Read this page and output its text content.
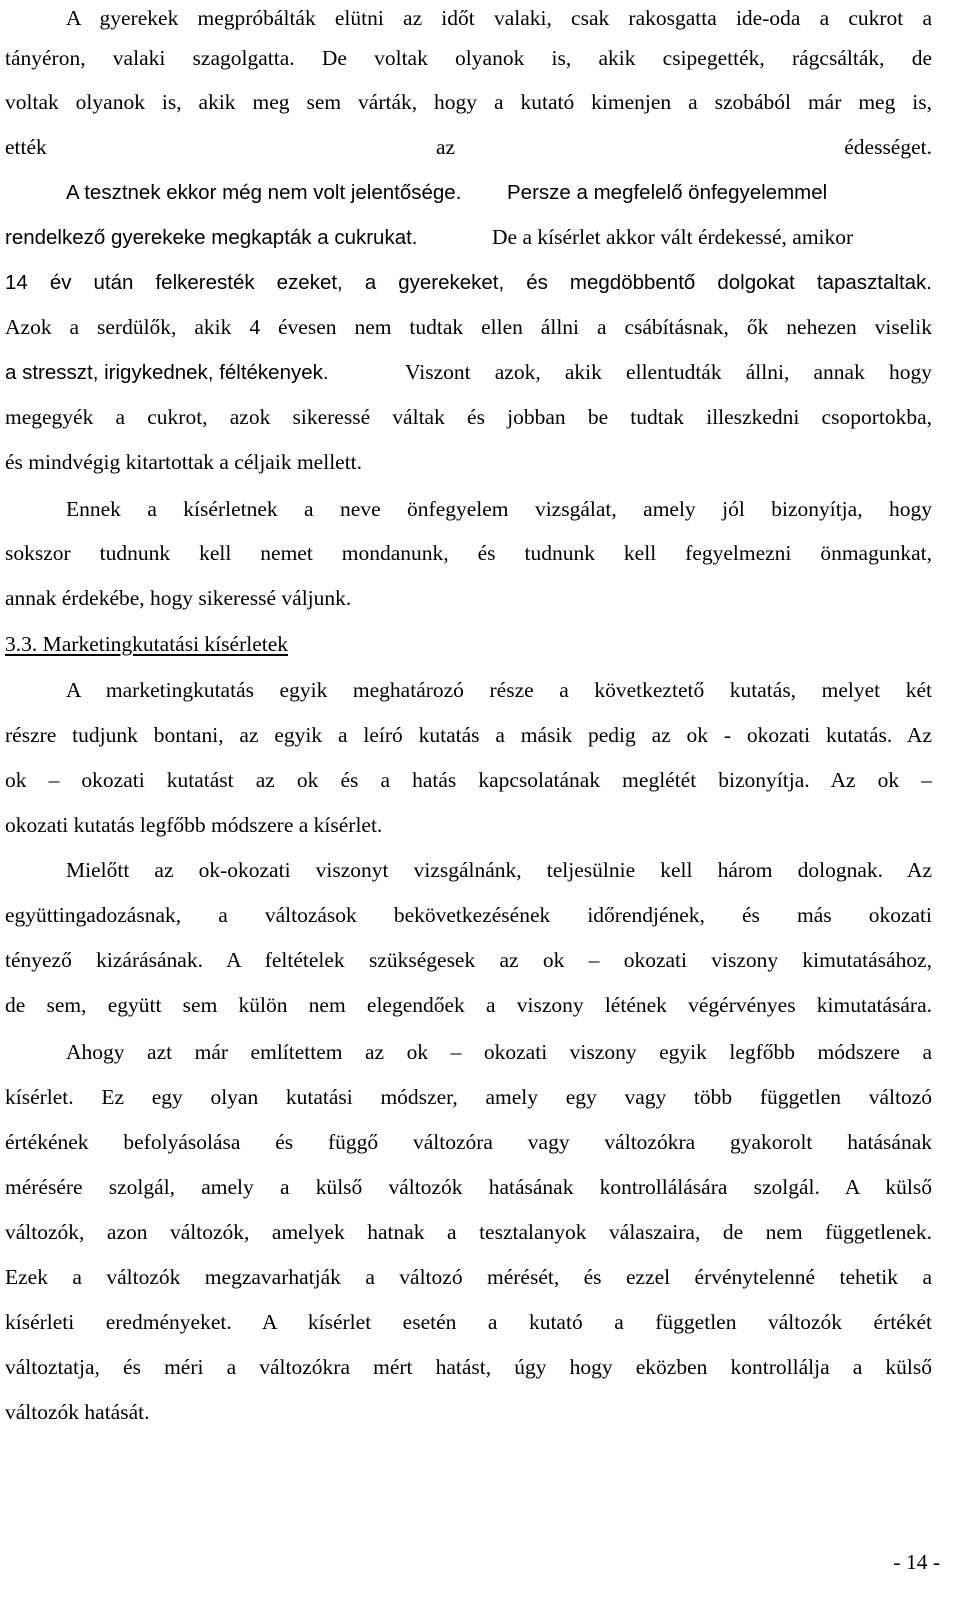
A gyerekek megpróbálták elütni az időt valaki, csak rakosgatta ide-oda a cukrot a
tányéron, valaki szagolgatta. De voltak olyanok is, akik csipegették, rágcsálták, de
voltak olyanok is, akik meg sem várták, hogy a kutató kimenjen a szobából már meg is,
ették az édességet.
A tesztnek ekkor még nem volt jelentősége. Persze a megfelelő önfegyelemmel
rendelkező gyerekeke megkapták a cukrukat.	De a kísérlet akkor vált érdekessé, amikor
14 év után felkeresték ezeket, a gyerekeket, és megdöbbentő dolgokat tapasztaltak.
Azok a serdülők, akik 4 évesen nem tudtak ellen állni a csábításnak, ők nehezen viselik
a stresszt, irigykednek, féltékenyek.	Viszont azok, akik ellentudták állni, annak hogy
megegyék a cukrot, azok sikeressé váltak és jobban be tudtak illeszkedni csoportokba,
és mindvégig kitartottak a céljaik mellett.
Ennek a kísérletnek a neve önfegyelem vizsgálat, amely jól bizonyítja, hogy
sokszor tudnunk kell nemet mondanunk, és tudnunk kell fegyelmezni önmagunkat,
annak érdekébe, hogy sikeressé váljunk.
3.3. Marketingkutatási kísérletek
A marketingkutatás egyik meghatározó része a következtető kutatás, melyet két
részre tudjunk bontani, az egyik a leíró kutatás a másik pedig az ok - okozati kutatás. Az
ok – okozati kutatást az ok és a hatás kapcsolatának meglétét bizonyítja. Az ok –
okozati kutatás legfőbb módszere a kísérlet.
Mielőtt az ok-okozati viszonyt vizsgálnánk, teljesülnie kell három dolognak. Az
együttingadozásnak, a változások bekövetkezésének időrendjének, és más okozati
tényező kizárásának. A feltételek szükségesek az ok – okozati viszony kimutatásához,
de sem, együtt sem külön nem elegendőek a viszony létének végérvényes kimutatására.
Ahogy azt már említettem az ok – okozati viszony egyik legfőbb módszere a
kísérlet. Ez egy olyan kutatási módszer, amely egy vagy több független változó
értékének befolyásolása és függő változóra vagy változókra gyakorolt hatásának
mérésére szolgál, amely a külső változók hatásának kontrollálására szolgál. A külső
változók, azon változók, amelyek hatnak a tesztalanyok válaszaira, de nem függetlenek.
Ezek a változók megzavarhatják a változó mérését, és ezzel érvénytelenné tehetik a
kísérleti eredményeket. A kísérlet esetén a kutató a független változók értékét
változtatja, és méri a változókra mért hatást, úgy hogy eközben kontrollálja a külső
változók hatását.
- 14 -
